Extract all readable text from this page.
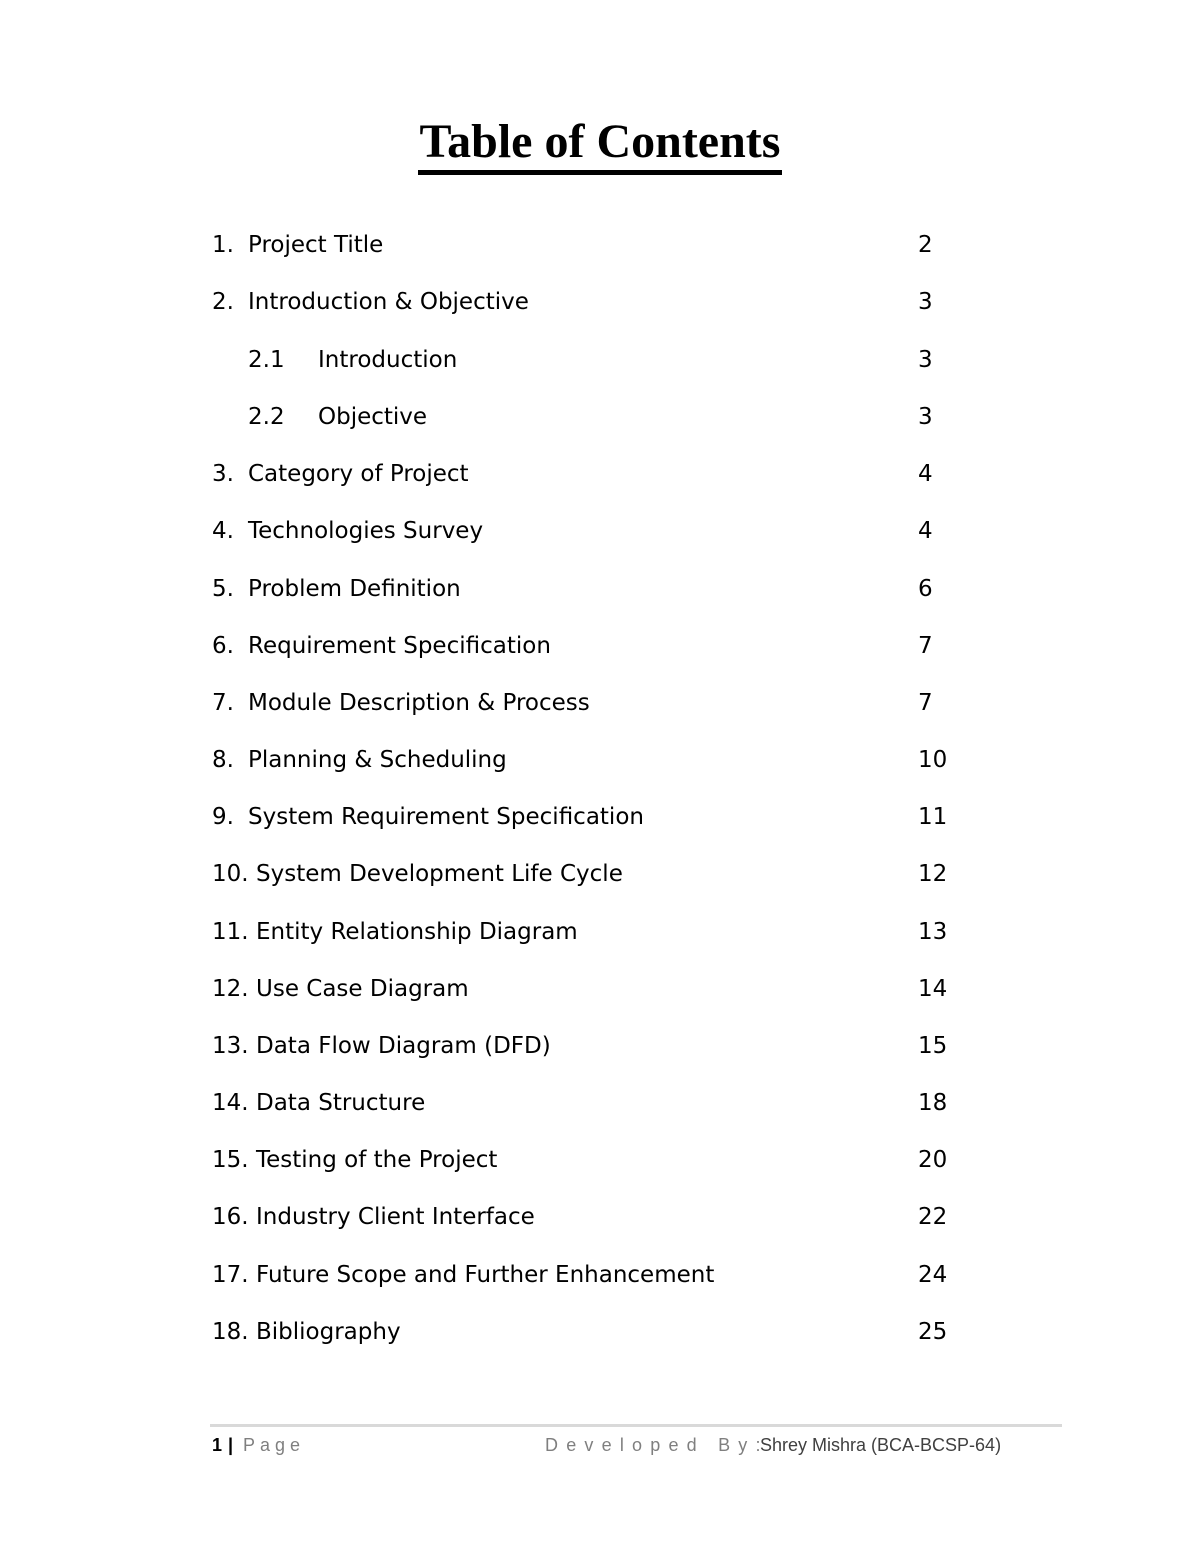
Table of Contents
1. Project Title	2
2. Introduction & Objective	3
2.1 Introduction	3
2.2 Objective	3
3. Category of Project	4
4. Technologies Survey	4
5. Problem Definition	6
6. Requirement Specification	7
7. Module Description & Process	7
8. Planning & Scheduling	10
9. System Requirement Specification	11
10. System Development Life Cycle	12
11. Entity Relationship Diagram	13
12. Use Case Diagram	14
13. Data Flow Diagram (DFD)	15
14. Data Structure	18
15. Testing of the Project	20
16. Industry Client Interface	22
17. Future Scope and Further Enhancement	24
18. Bibliography	25
1 | Page	Developed By:
Shrey Mishra (BCA-BCSP-64)
